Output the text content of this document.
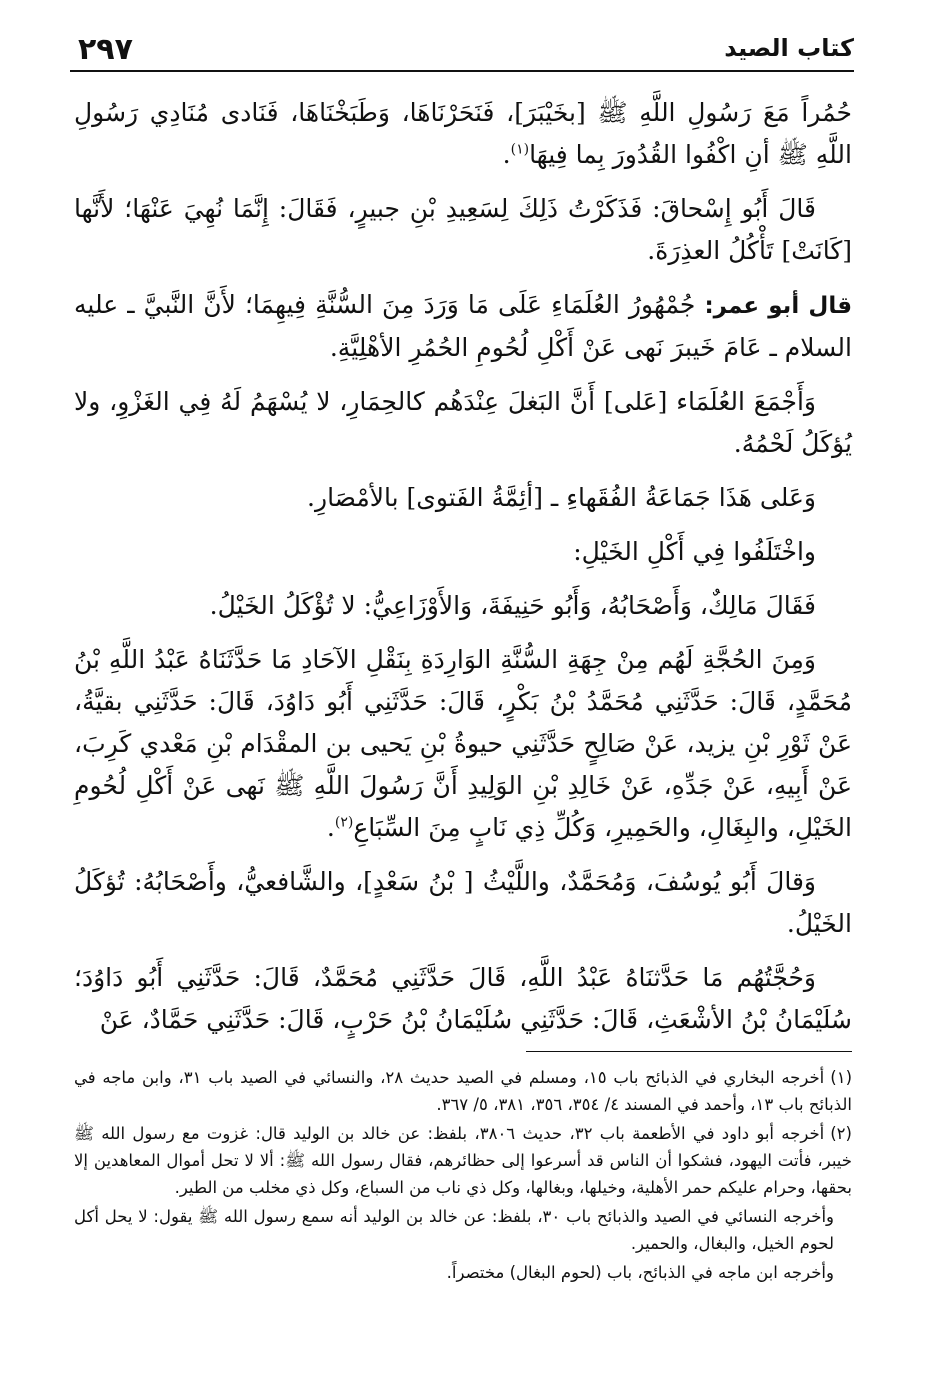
٢٩٧	كتاب الصيد

حُمُراً مَعَ رَسُولِ اللَّهِ ﷺ [بخَيْبَرَ]، فَنَحَرْنَاهَا، وَطَبَخْنَاهَا، فَنَادى مُنَادِي رَسُولِ اللَّهِ ﷺ أنِ اكْفُوا القُدُورَ بِما فِيهَا$^{(١)}$.

قَالَ أَبُو إِسْحاقَ: فَذَكَرْتُ ذَلِكَ لِسَعِيدِ بْنِ جبيرٍ، فَقَالَ: إِنَّمَا نُهِيَ عَنْهَا؛ لأَنَّها [كَانَتْ] تَأْكُلُ العذِرَةَ.

قال أبو عمر: جُمْهُورُ العُلَمَاءِ عَلَى مَا وَرَدَ مِنَ السُّنَّةِ فِيهِمَا؛ لأَنَّ النَّبيَّ ـ عليه السلام ـ عَامَ خَيبرَ نَهى عَنْ أَكْلِ لُحُومِ الحُمُرِ الأهْلِيَّةِ.

وَأَجْمَعَ العُلَمَاء [عَلى] أَنَّ البَغلَ عِنْدَهُم كالحِمَارِ، لا يُسْهَمُ لَهُ فِي الغَزْوِ، ولا يُؤكَلُ لَحْمُهُ.

وَعَلى هَذَا جَمَاعَةُ الفُقَهاءِ ـ [أئِمَّةُ الفَتوى] بالأمْصَارِ.

واخْتَلَفُوا فِي أَكْلِ الخَيْلِ:

فَقَالَ مَالِكٌ، وَأَصْحَابُهُ، وَأَبُو حَنِيفَةَ، وَالأَوْزَاعِيُّ: لا تُؤْكَلُ الخَيْلُ.

وَمِنَ الحُجَّةِ لَهُم مِنْ جِهَةِ السُّنَّةِ الوَارِدَةِ بِنَقْلِ الآحَادِ مَا حَدَّثَنَاهُ عَبْدُ اللَّهِ بْنُ مُحَمَّدٍ، قَالَ: حَدَّثَنِي مُحَمَّدُ بْنُ بَكْرٍ، قَالَ: حَدَّثَنِي أَبُو دَاوُدَ، قَالَ: حَدَّثَنِي بقيَّةُ، عَنْ ثَوْرِ بْنِ يزيد، عَنْ صَالِحٍ حَدَّثَنِي حيوةُ بْنِ يَحيى بن المقْدَام بْنِ مَعْدي كَرِبَ، عَنْ أَبِيهِ، عَنْ جَدِّهِ، عَنْ خَالِدِ بْنِ الوَلِيدِ أَنَّ رَسُولَ اللَّهِ ﷺ نَهى عَنْ أَكْلِ لُحُومِ الخَيْلِ، والبِغَالِ، والحَمِيرِ، وَكُلِّ ذِي نَابٍ مِنَ السِّبَاعِ$^{(٢)}$.

وَقالَ أَبُو يُوسُفَ، وَمُحَمَّدٌ، واللَّيْثُ [ بْنُ سَعْدٍ]، والشَّافعيُّ، وأَصْحَابُهُ: تُؤكَلُ الخَيْلُ.

وَحُجَّتُهُم مَا حَدَّثنَاهُ عَبْدُ اللَّهِ، قَالَ حَدَّثَنِي مُحَمَّدٌ، قَالَ: حَدَّثَنِي أَبُو دَاوُدَ؛ سُلَيْمَانُ بْنُ الأشْعَثِ، قَالَ: حَدَّثَنِي سُلَيْمَانُ بْنُ حَرْبٍ، قَالَ: حَدَّثَنِي حَمَّادٌ، عَنْ

(١)أخرجه البخاري في الذبائح باب ١٥، ومسلم في الصيد حديث ٢٨، والنسائي في الصيد باب ٣١، وابن ماجه في الذبائح باب ١٣، وأحمد في المسند ٤/ ٣٥٤، ٣٥٦، ٣٨١، ٥/ ٣٦٧.

(٢)أخرجه أبو داود في الأطعمة باب ٣٢، حديث ٣٨٠٦، بلفظ: عن خالد بن الوليد قال: غزوت مع رسول الله ﷺ خيبر، فأتت اليهود، فشكوا أن الناس قد أسرعوا إلى حظائرهم، فقال رسول الله ﷺ: ألا لا تحل أموال المعاهدين إلا بحقها، وحرام عليكم حمر الأهلية، وخيلها، وبغالها، وكل ذي ناب من السباع، وكل ذي مخلب من الطير.

وأخرجه النسائي في الصيد والذبائح باب ٣٠، بلفظ: عن خالد بن الوليد أنه سمع رسول الله ﷺ يقول: لا يحل أكل لحوم الخيل، والبغال، والحمير.

وأخرجه ابن ماجه في الذبائح، باب (لحوم البغال) مختصراً.
